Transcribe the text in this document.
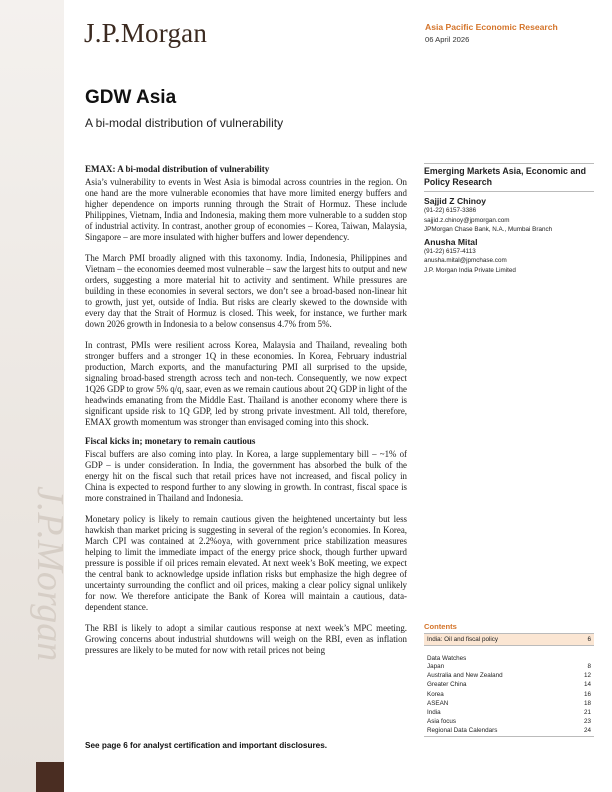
J.P.Morgan
J.P.Morgan	Asia Pacific Economic Research
06 April 2026
GDW Asia
A bi-modal distribution of vulnerability
EMAX: A bi-modal distribution of vulnerability

Asia’s vulnerability to events in West Asia is bimodal across countries in the region. On one hand are the more vulnerable economies that have more limited energy buffers and higher dependence on imports running through the Strait of Hormuz. These include Philippines, Vietnam, India and Indonesia, making them more vulnerable to a sudden stop of industrial activity. In contrast, another group of economies – Korea, Taiwan, Malaysia, Singapore – are more insulated with higher buffers and lower dependency.

The March PMI broadly aligned with this taxonomy. India, Indonesia, Philippines and Vietnam – the economies deemed most vulnerable – saw the largest hits to output and new orders, suggesting a more material hit to activity and sentiment. While pressures are building in these economies in several sectors, we don’t see a broad-based non-linear hit to growth, just yet, outside of India. But risks are clearly skewed to the downside with every day that the Strait of Hormuz is closed. This week, for instance, we further mark down 2026 growth in Indonesia to a below consensus 4.7% from 5%.

In contrast, PMIs were resilient across Korea, Malaysia and Thailand, revealing both stronger buffers and a stronger 1Q in these economies. In Korea, February industrial production, March exports, and the manufacturing PMI all surprised to the upside, signaling broad-based strength across tech and non-tech. Consequently, we now expect 1Q26 GDP to grow 5% q/q, saar, even as we remain cautious about 2Q GDP in light of the headwinds emanating from the Middle East. Thailand is another economy where there is significant upside risk to 1Q GDP, led by strong private investment. All told, therefore, EMAX growth momentum was stronger than envisaged coming into this shock.

Fiscal kicks in; monetary to remain cautious

Fiscal buffers are also coming into play. In Korea, a large supplementary bill – ~1% of GDP – is under consideration. In India, the government has absorbed the bulk of the energy hit on the fiscal such that retail prices have not increased, and fiscal policy in China is expected to respond further to any slowing in growth. In contrast, fiscal space is more constrained in Thailand and Indonesia.

Monetary policy is likely to remain cautious given the heightened uncertainty but less hawkish than market pricing is suggesting in several of the region’s economies. In Korea, March CPI was contained at 2.2%oya, with government price stabilization measures helping to limit the immediate impact of the energy price shock, though further upward pressure is possible if oil prices remain elevated. At next week’s BoK meeting, we expect the central bank to acknowledge upside inflation risks but emphasize the high degree of uncertainty surrounding the conflict and oil prices, making a clear policy signal unlikely for now. We therefore anticipate the Bank of Korea will maintain a cautious, data-dependent stance.

The RBI is likely to adopt a similar cautious response at next week’s MPC meeting. Growing concerns about industrial shutdowns will weigh on the RBI, even as inflation pressures are likely to be muted for now with retail prices not being

See page 6 for analyst certification and important disclosures.
Emerging Markets Asia, Economic and Policy Research
Sajjid Z Chinoy
(91-22) 6157-3386
sajjid.z.chinoy@jpmorgan.com
JPMorgan Chase Bank, N.A., Mumbai Branch
Anusha Mital
(91-22) 6157-4113
anusha.mital@jpmchase.com
J.P. Morgan India Private Limited
Contents
India: Oil and fiscal policy	6
Data Watches
Japan	8
Australia and New Zealand	12
Greater China	14
Korea	16
ASEAN	18
India	21
Asia focus	23
Regional Data Calendars	24
